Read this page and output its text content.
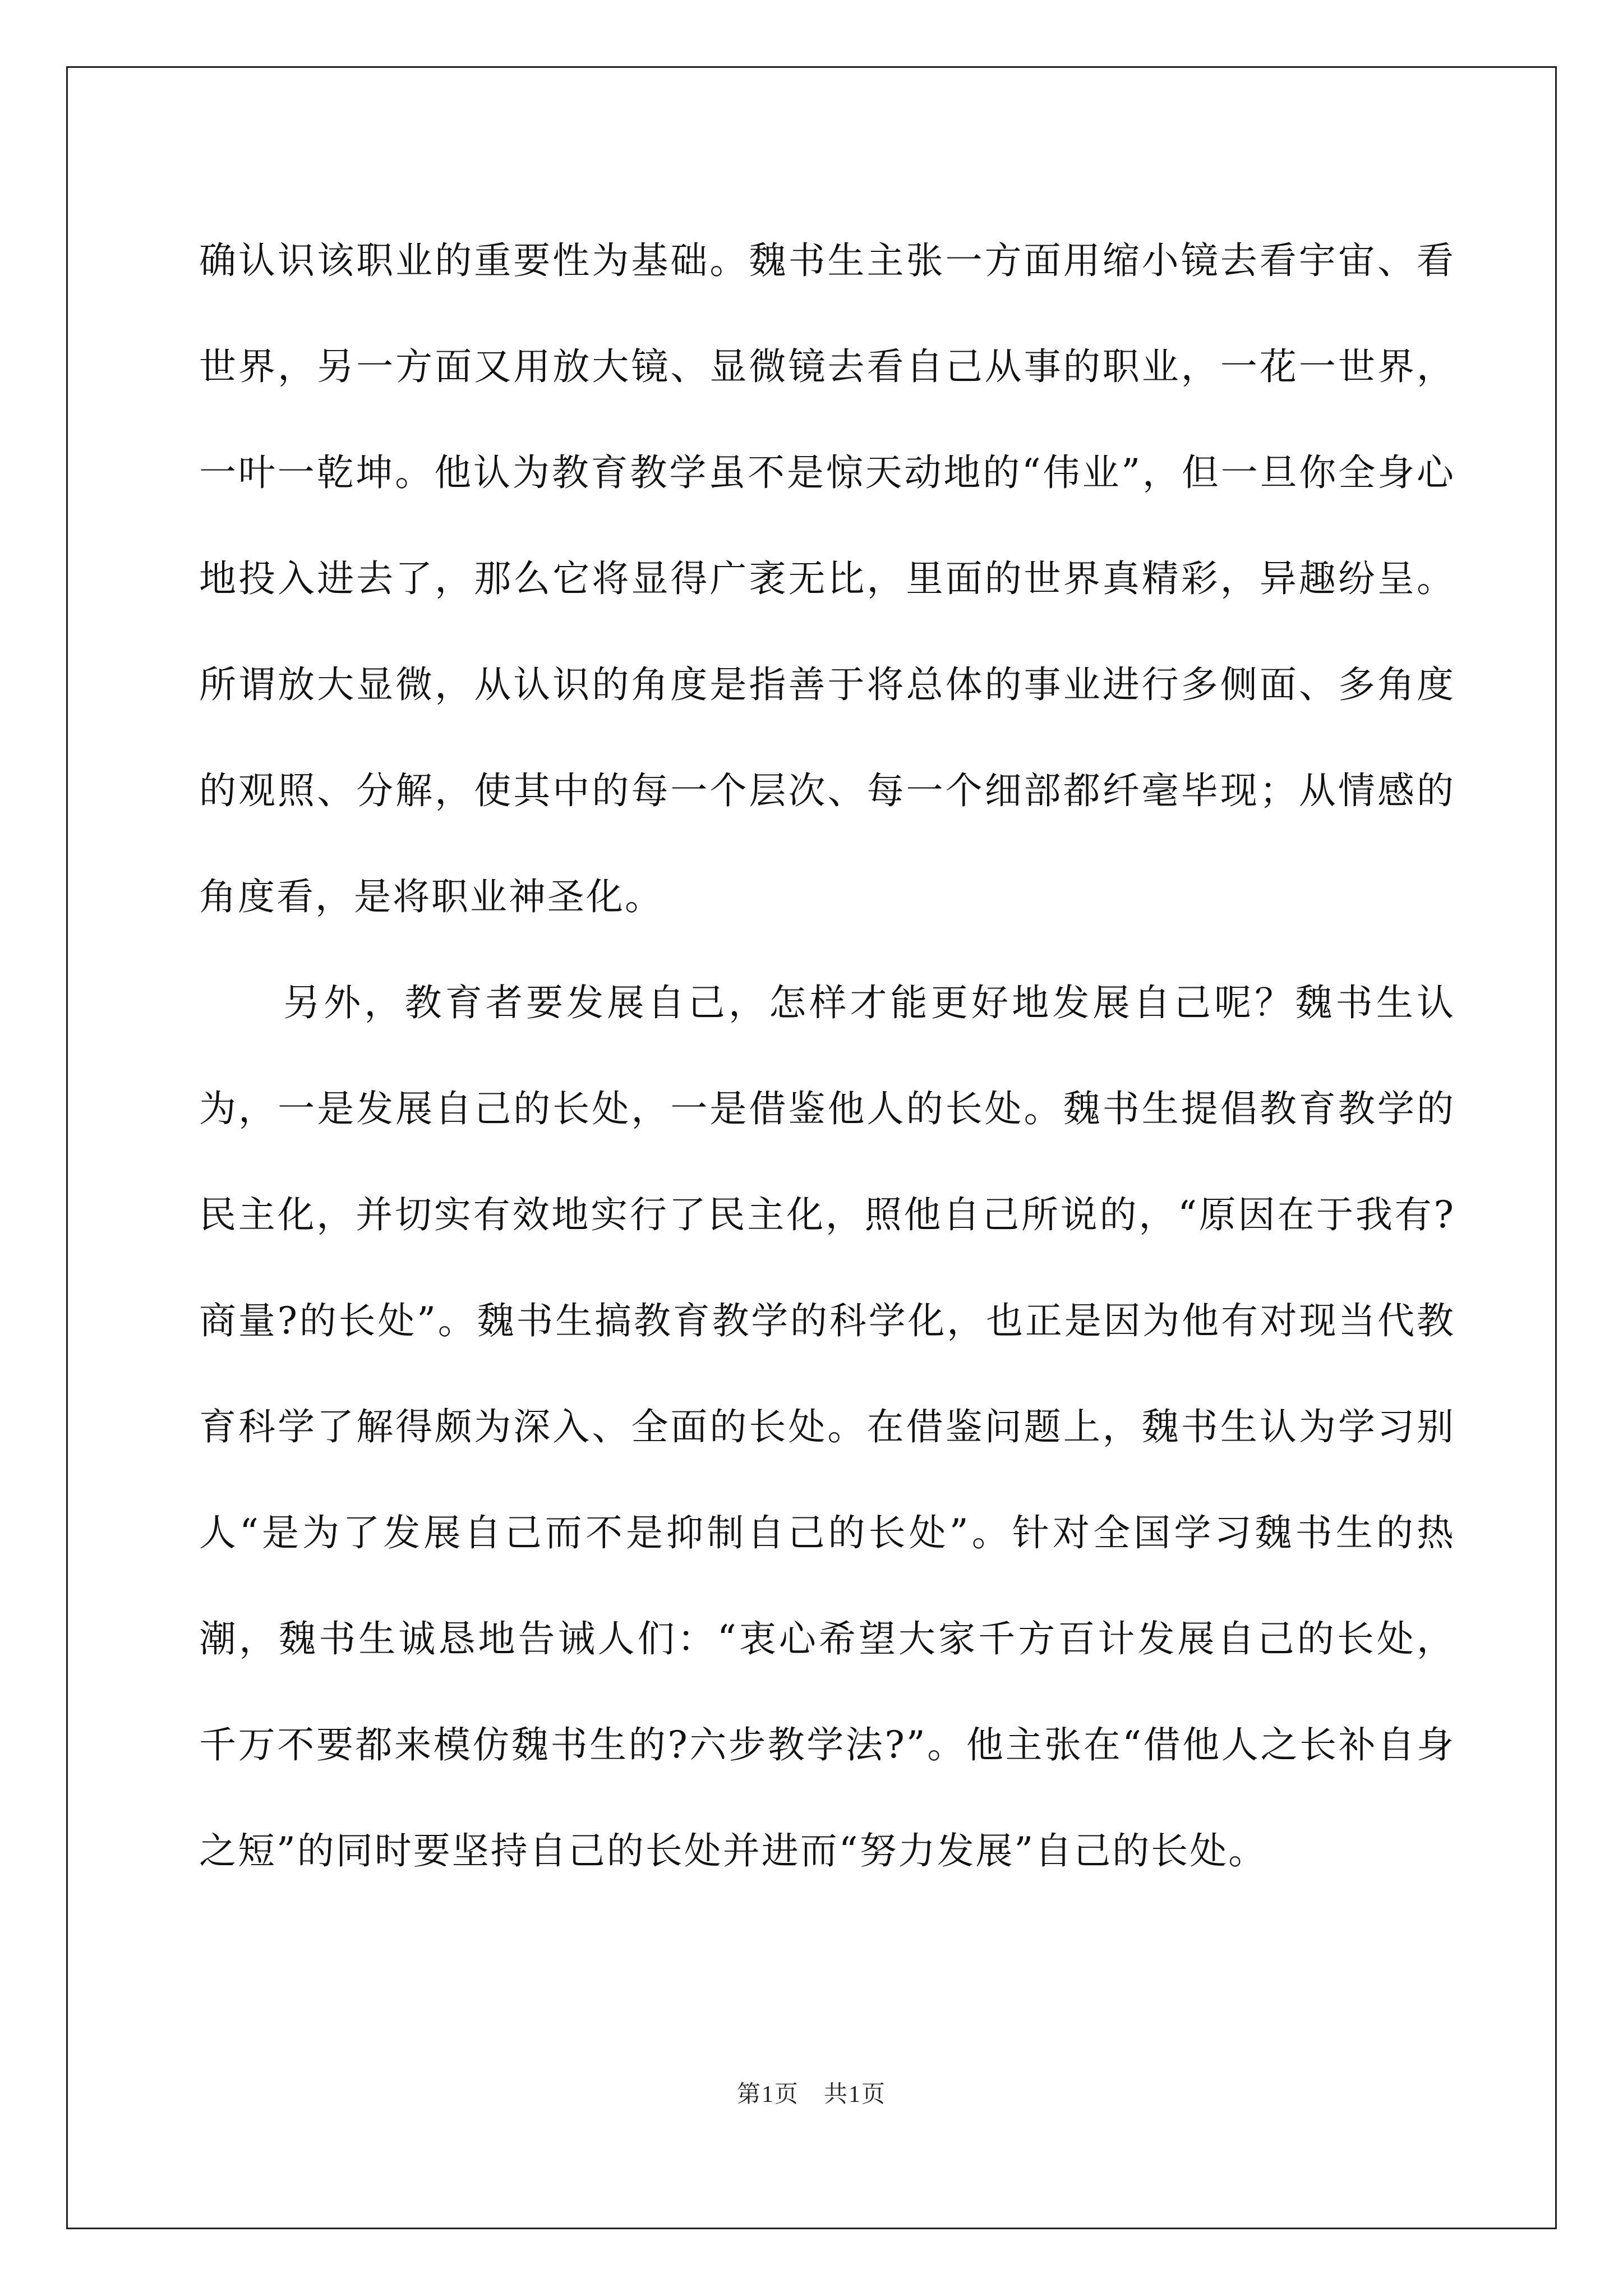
确认识该职业的重要性为基础。魏书生主张一方面用缩小镜去看宇宙、看世界，另一方面又用放大镜、显微镜去看自己从事的职业，一花一世界，一叶一乾坤。他认为教育教学虽不是惊天动地的“伟业”，但一旦你全身心地投入进去了，那么它将显得广袤无比，里面的世界真精彩，异趣纷呈。所谓放大显微，从认识的角度是指善于将总体的事业进行多侧面、多角度的观照、分解，使其中的每一个层次、每一个细部都纤毫毕现；从情感的角度看，是将职业神圣化。

另外，教育者要发展自己，怎样才能更好地发展自己呢？魏书生认为，一是发展自己的长处，一是借鉴他人的长处。魏书生提倡教育教学的民主化，并切实有效地实行了民主化，照他自己所说的，“原因在于我有?商量?的长处”。魏书生搞教育教学的科学化，也正是因为他有对现当代教育科学了解得颇为深入、全面的长处。在借鉴问题上，魏书生认为学习别人“是为了发展自己而不是抑制自己的长处”。针对全国学习魏书生的热潮，魏书生诚恳地告诫人们：“衷心希望大家千方百计发展自己的长处，千万不要都来模仿魏书生的?六步教学法?”。他主张在“借他人之长补自身之短”的同时要坚持自己的长处并进而“努力发展”自己的长处。

第1页　共1页
